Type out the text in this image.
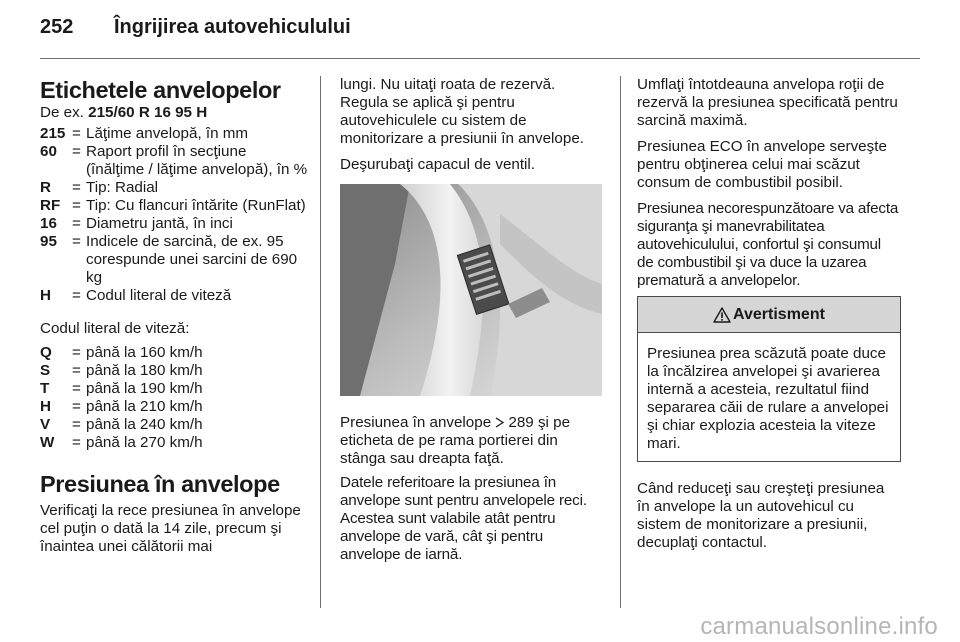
252 Îngrijirea autovehiculului
Etichetele anvelopelor
De ex. 215/60 R 16 95 H
215 = Lăţime anvelopă, în mm
60 = Raport profil în secţiune (înălţime / lăţime anvelopă), în %
R	= Tip: Radial
RF = Tip: Cu flancuri întărite (RunFlat)
16 = Diametru jantă, în inci
95 = Indicele de sarcină, de ex. 95 corespunde unei sarcini de 690 kg
H	= Codul literal de viteză

Codul literal de viteză:

Q	= până la 160 km/h
S	= până la 180 km/h
T	= până la 190 km/h
H	= până la 210 km/h
V	= până la 240 km/h
W	= până la 270 km/h
Presiunea în anvelope

Verificaţi la rece presiunea în anvelope cel puţin o dată la 14 zile, precum şi înaintea unei călătorii mai

lungi. Nu uitaţi roata de rezervă. Regula se aplică şi pentru autovehiculele cu sistem de monitorizare a presiunii în anvelope.

Deşurubaţi capacul de ventil.

Presiunea în anvelope 289 şi pe eticheta de pe rama portierei din stânga sau dreapta faţă.

Datele referitoare la presiunea în anvelope sunt pentru anvelopele reci. Acestea sunt valabile atât pentru anvelope de vară, cât şi pentru anvelope de iarnă.

Umflaţi întotdeauna anvelopa roţii de rezervă la presiunea specificată pentru sarcină maximă.

Presiunea ECO în anvelope serveşte pentru obţinerea celui mai scăzut consum de combustibil posibil.

Presiunea necorespunzătoare va afecta siguranţa şi manevrabilitatea autovehiculului, confortul şi consumul de combustibil şi va duce la uzarea prematură a anvelopelor.

Avertisment
Presiunea prea scăzută poate duce la încălzirea anvelopei şi avarierea internă a acesteia, rezultatul fiind separarea căii de rulare a anvelopei şi chiar explozia acesteia la viteze mari.

Când reduceţi sau creşteţi presiunea în anvelope la un autovehicul cu sistem de monitorizare a presiunii, decuplaţi contactul.

carmanualsonline.info
